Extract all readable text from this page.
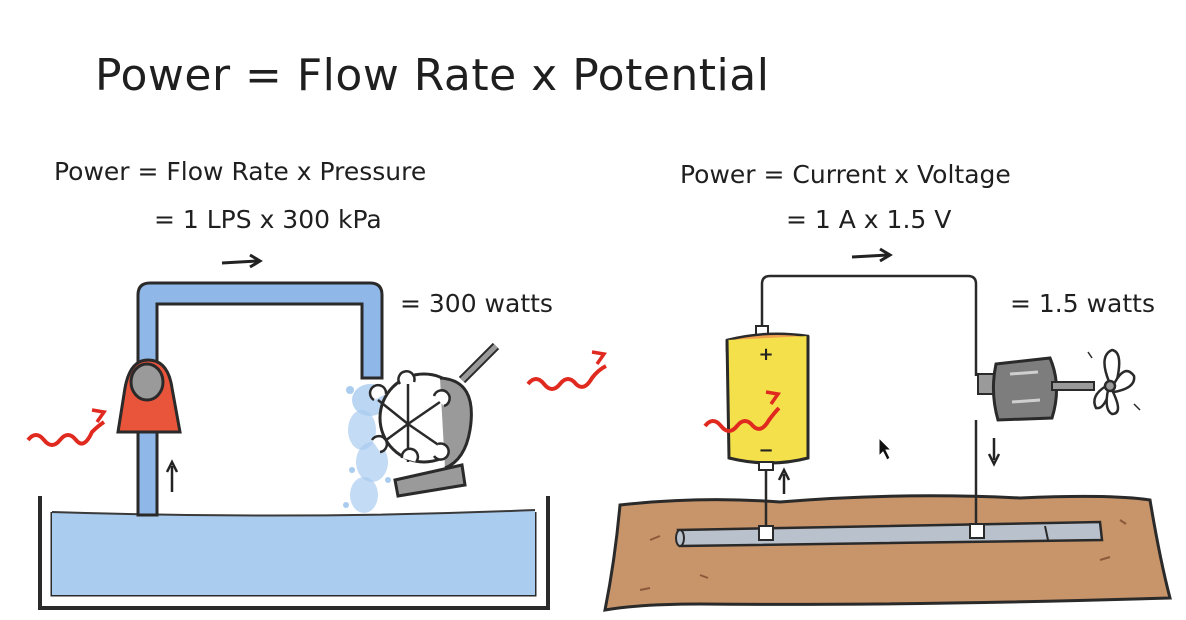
Power = Flow Rate x Potential
Power = Flow Rate x Pressure
= 1 LPS x 300 kPa
= 300 watts
Power = Current x Voltage
= 1 A x 1.5 V
= 1.5 watts
+
−
